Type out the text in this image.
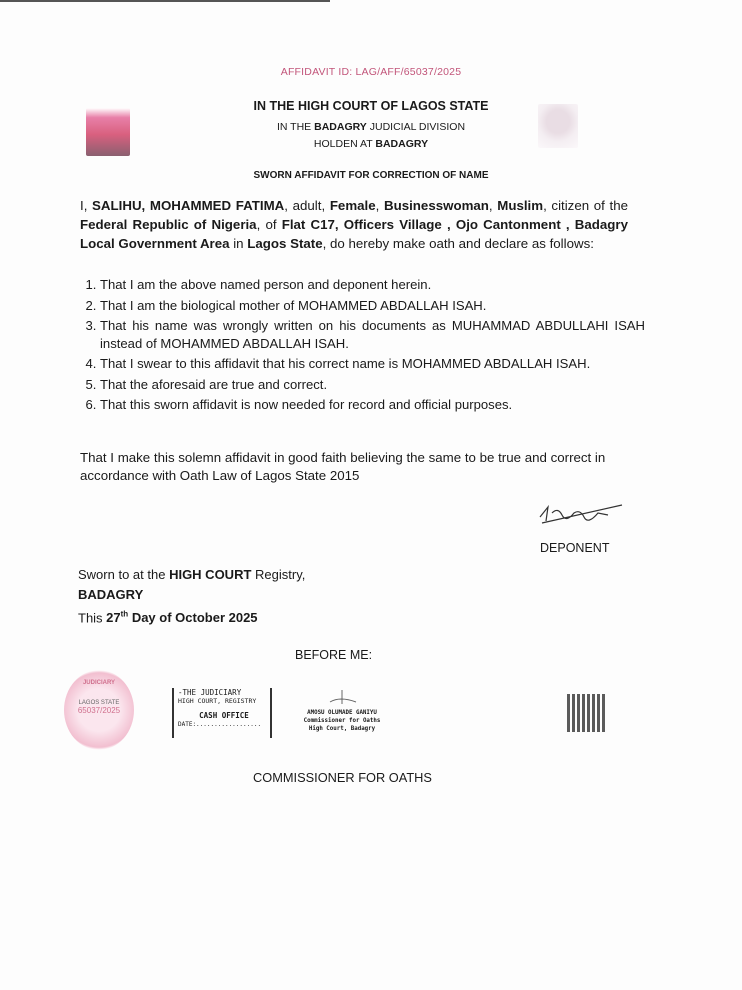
AFFIDAVIT ID: LAG/AFF/65037/2025
IN THE HIGH COURT OF LAGOS STATE
IN THE BADAGRY JUDICIAL DIVISION
HOLDEN AT BADAGRY
SWORN AFFIDAVIT FOR CORRECTION OF NAME
I, SALIHU, MOHAMMED FATIMA, adult, Female, Businesswoman, Muslim, citizen of the Federal Republic of Nigeria, of Flat C17, Officers Village , Ojo Cantonment , Badagry Local Government Area in Lagos State, do hereby make oath and declare as follows:
1. That I am the above named person and deponent herein.
2. That I am the biological mother of MOHAMMED ABDALLAH ISAH.
3. That his name was wrongly written on his documents as MUHAMMAD ABDULLAHI ISAH instead of MOHAMMED ABDALLAH ISAH.
4. That I swear to this affidavit that his correct name is MOHAMMED ABDALLAH ISAH.
5. That the aforesaid are true and correct.
6. That this sworn affidavit is now needed for record and official purposes.
That I make this solemn affidavit in good faith believing the same to be true and correct in accordance with Oath Law of Lagos State 2015
DEPONENT
Sworn to at the HIGH COURT Registry,
BADAGRY
This 27th Day of October 2025
BEFORE ME:
JUDICIARY
LAGOS STATE
65037/2025
-THE JUDICIARY
HIGH COURT, REGISTRY
CASH OFFICE
DATE:..................
AMOSU OLUMADE GANIYU
Commissioner for Oaths
High Court, Badagry
COMMISSIONER FOR OATHS
